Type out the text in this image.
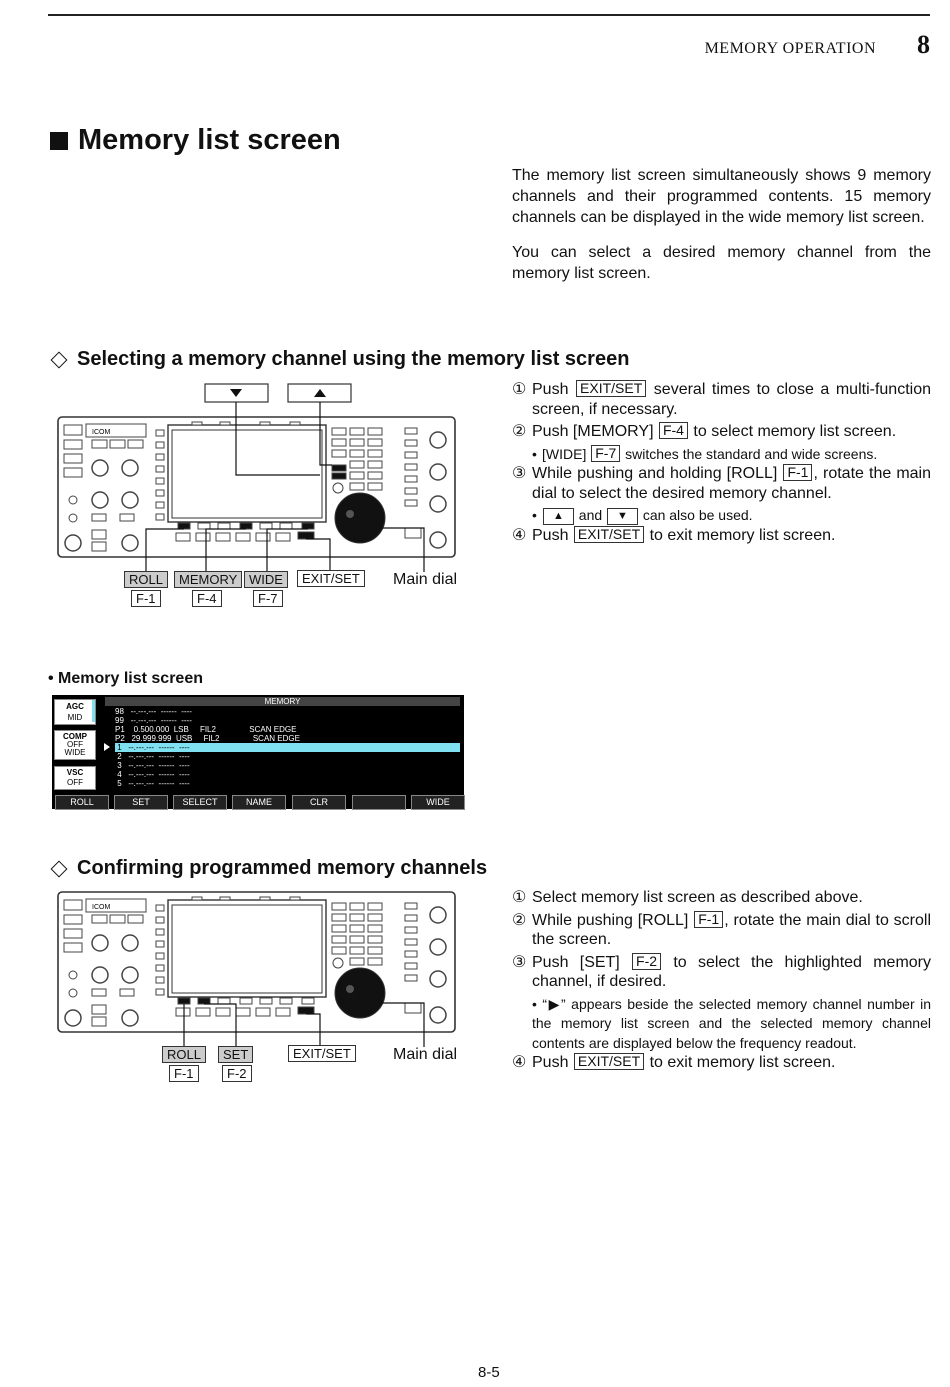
MEMORY OPERATION 8
Memory list screen

The memory list screen simultaneously shows 9 memory channels and their programmed contents. 15 memory channels can be displayed in the wide memory list screen.

You can select a desired memory channel from the memory list screen.

Selecting a memory channel using the memory list screen
① Push EXIT/SET several times to close a multi-function screen, if necessary.
② Push [MEMORY] F-4 to select memory list screen.
• [WIDE] F-7 switches the standard and wide screens.
③ While pushing and holding [ROLL] F-1 , rotate the main dial to select the desired memory channel.
• ▲ and ▼ can also be used.
④ Push EXIT/SET to exit memory list screen.
ICOM
ROLL	MEMORY WIDE	EXIT/SET	Main dial
F-1	F-4	F-7
• Memory list screen
MEMORY
AGC
MID
COMP
OFF
WIDE
VSC
OFF
98   --.---.---  ------  ----
99   --.---.---  ------  ----
P1    0.500.000  LSB     FIL2               SCAN EDGE
P2   29.999.999  USB     FIL2               SCAN EDGE
1   --.---.---  ------  ----
2   --.---.---  ------  ----
3   --.---.---  ------  ----
4   --.---.---  ------  ----
5   --.---.---  ------  ----
ROLL	SET	SELECT	NAME	CLR	WIDE
Confirming programmed memory channels
① Select memory list screen as described above.
② While pushing [ROLL] F-1 , rotate the main dial to scroll the screen.
③ Push [SET] F-2 to select the highlighted memory channel, if desired.
• “▶” appears beside the selected memory channel number in the memory list screen and the selected memory channel contents are displayed below the frequency readout.
④ Push EXIT/SET to exit memory list screen.
ICOM
ROLL	SET	EXIT/SET	Main dial
F-1	F-2
8-5
